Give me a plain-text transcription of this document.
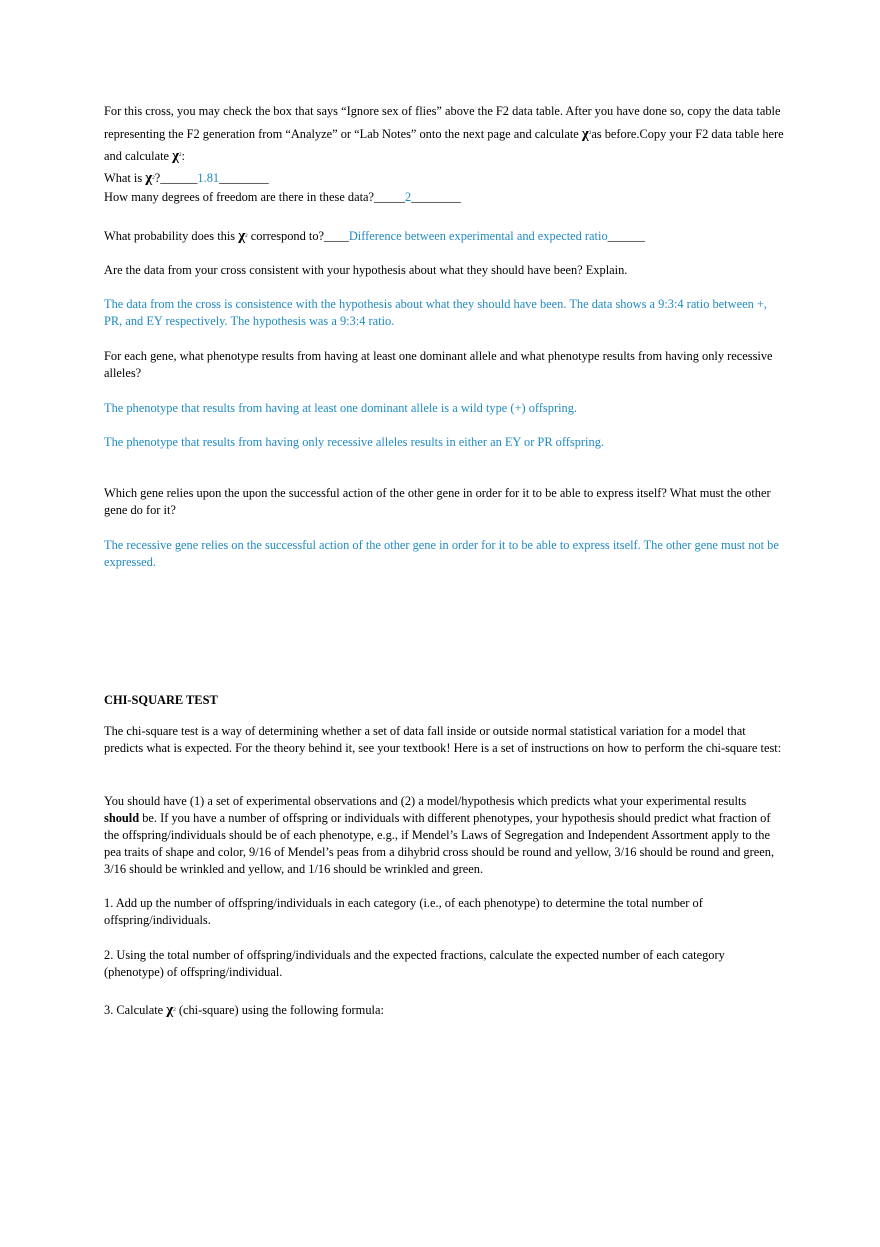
For this cross, you may check the box that says “Ignore sex of flies” above the F2 data table. After you have done so, copy the data table representing the F2 generation from “Analyze” or “Lab Notes” onto the next page and calculate $\chi^2as$ before.Copy your F2 data table here and calculate $\chi^2$:
What is $\chi^2?\_\_\_\_\_\_1.81\_\_\_\_\_\_\_\_$
How many degrees of freedom are there in these data?_____2________
What probability does this $\chi^2$ correspond to?____Difference between experimental and expected ratio______
Are the data from your cross consistent with your hypothesis about what they should have been? Explain.
The data from the cross is consistence with the hypothesis about what they should have been. The data shows a 9:3:4 ratio between +, PR, and EY respectively. The hypothesis was a 9:3:4 ratio.
For each gene, what phenotype results from having at least one dominant allele and what phenotype results from having only recessive alleles?
The phenotype that results from having at least one dominant allele is a wild type (+) offspring.
The phenotype that results from having only recessive alleles results in either an EY or PR offspring.
Which gene relies upon the upon the successful action of the other gene in order for it to be able to express itself? What must the other gene do for it?
The recessive gene relies on the successful action of the other gene in order for it to be able to express itself. The other gene must not be expressed.
CHI-SQUARE TEST
The chi-square test is a way of determining whether a set of data fall inside or outside normal statistical variation for a model that predicts what is expected. For the theory behind it, see your textbook! Here is a set of instructions on how to perform the chi-square test:
You should have (1) a set of experimental observations and (2) a model/hypothesis which predicts what your experimental results should be. If you have a number of offspring or individuals with different phenotypes, your hypothesis should predict what fraction of the offspring/individuals should be of each phenotype, e.g., if Mendel’s Laws of Segregation and Independent Assortment apply to the pea traits of shape and color, 9/16 of Mendel’s peas from a dihybrid cross should be round and yellow, 3/16 should be round and green, 3/16 should be wrinkled and yellow, and 1/16 should be wrinkled and green.
1. Add up the number of offspring/individuals in each category (i.e., of each phenotype) to determine the total number of offspring/individuals.
2. Using the total number of offspring/individuals and the expected fractions, calculate the expected number of each category (phenotype) of offspring/individual.
3. Calculate $\chi^2$ (chi-square) using the following formula:
